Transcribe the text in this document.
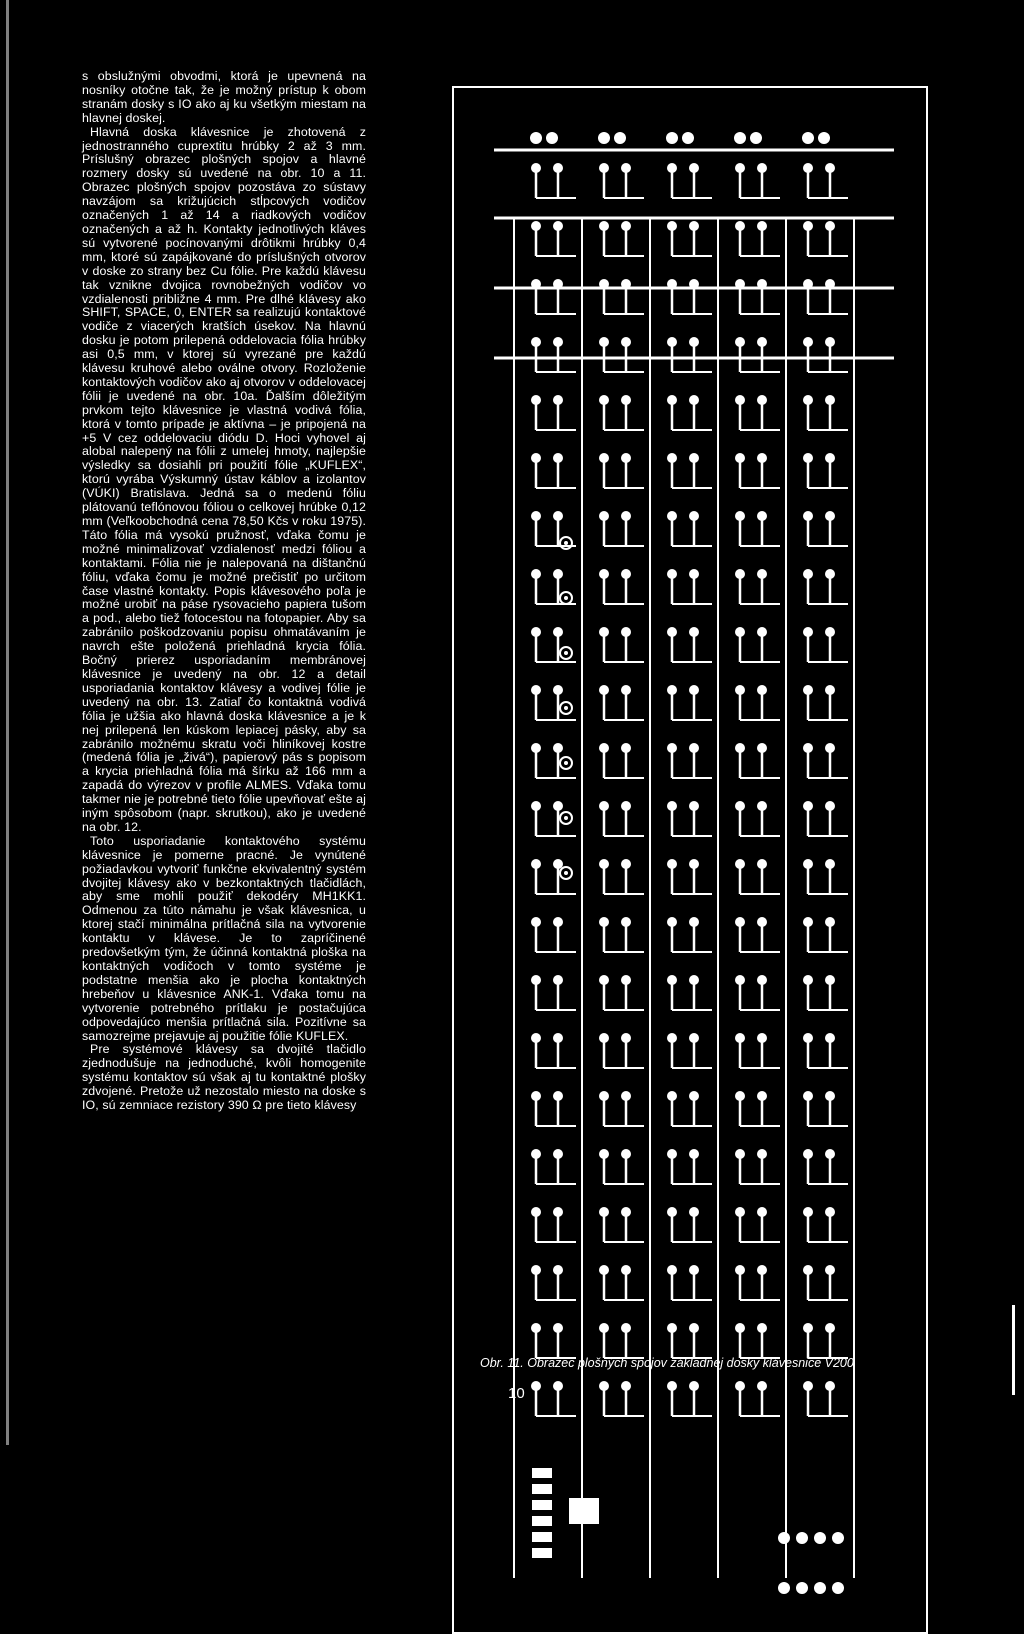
s obslužnými obvodmi, ktorá je upevnená na nosníky otočne tak, že je možný prístup k obom stranám dosky s IO ako aj ku všetkým miestam na hlavnej doskej.

Hlavná doska klávesnice je zhotovená z jednostranného cuprextitu hrúbky 2 až 3 mm. Príslušný obrazec plošných spojov a hlavné rozmery dosky sú uvedené na obr. 10 a 11. Obrazec plošných spojov pozostáva zo sústavy navzájom sa križujúcich stĺpcových vodičov označených 1 až 14 a riadkových vodičov označených a až h. Kontakty jednotlivých kláves sú vytvorené pocínovanými drôtikmi hrúbky 0,4 mm, ktoré sú zapájkované do príslušných otvorov v doske zo strany bez Cu fólie. Pre každú klávesu tak vznikne dvojica rovnobežných vodičov vo vzdialenosti približne 4 mm. Pre dlhé klávesy ako SHIFT, SPACE, 0, ENTER sa realizujú kontaktové vodiče z viacerých kratších úsekov. Na hlavnú dosku je potom prilepená oddelovacia fólia hrúbky asi 0,5 mm, v ktorej sú vyrezané pre každú klávesu kruhové alebo oválne otvory. Rozloženie kontaktových vodičov ako aj otvorov v oddelovacej fólii je uvedené na obr. 10a. Ďalším dôležitým prvkom tejto klávesnice je vlastná vodivá fólia, ktorá v tomto prípade je aktívna – je pripojená na +5 V cez oddelovaciu diódu D. Hoci vyhovel aj alobal nalepený na fólii z umelej hmoty, najlepšie výsledky sa dosiahli pri použití fólie „KUFLEX“, ktorú vyrába Výskumný ústav káblov a izolantov (VÚKI) Bratislava. Jedná sa o medenú fóliu plátovanú teflónovou fóliou o celkovej hrúbke 0,12 mm (Veľkoobchodná cena 78,50 Kčs v roku 1975). Táto fólia má vysokú pružnosť, vďaka čomu je možné minimalizovať vzdialenosť medzi fóliou a kontaktami. Fólia nie je nalepovaná na dištančnú fóliu, vďaka čomu je možné prečistiť po určitom čase vlastné kontakty. Popis klávesového poľa je možné urobiť na páse rysovacieho papiera tušom a pod., alebo tiež fotocestou na fotopapier. Aby sa zabránilo poškodzovaniu popisu ohmatávaním je navrch ešte položená priehladná krycia fólia. Bočný prierez usporiadaním membránovej klávesnice je uvedený na obr. 12 a detail usporiadania kontaktov klávesy a vodivej fólie je uvedený na obr. 13. Zatiaľ čo kontaktná vodivá fólia je užšia ako hlavná doska klávesnice a je k nej prilepená len kúskom lepiacej pásky, aby sa zabránilo možnému skratu voči hliníkovej kostre (medená fólia je „živá“), papierový pás s popisom a krycia priehladná fólia má šírku až 166 mm a zapadá do výrezov v profile ALMES. Vďaka tomu takmer nie je potrebné tieto fólie upevňovať ešte aj iným spôsobom (napr. skrutkou), ako je uvedené na obr. 12.

Toto usporiadanie kontaktového systému klávesnice je pomerne pracné. Je vynútené požiadavkou vytvoriť funkčne ekvivalentný systém dvojitej klávesy ako v bezkontaktných tlačidlách, aby sme mohli použiť dekodéry MH1KK1. Odmenou za túto námahu je však klávesnica, u ktorej stačí minimálna prítlačná sila na vytvorenie kontaktu v klávese. Je to zapríčinené predovšetkým tým, že účinná kontaktná ploška na kontaktných vodičoch v tomto systéme je podstatne menšia ako je plocha kontaktných hrebeňov u klávesnice ANK-1. Vďaka tomu na vytvorenie potrebného prítlaku je postačujúca odpovedajúco menšia prítlačná sila. Pozitívne sa samozrejme prejavuje aj použitie fólie KUFLEX.

Pre systémové klávesy sa dvojité tlačidlo zjednodušuje na jednoduché, kvôli homogenite systému kontaktov sú však aj tu kontaktné plošky zdvojené. Pretože už nezostalo miesto na doske s IO, sú zemniace rezistory 390 Ω pre tieto klávesy

Obr. 11. Obrazec plošných spojov základnej dosky klávesnice V200
10
